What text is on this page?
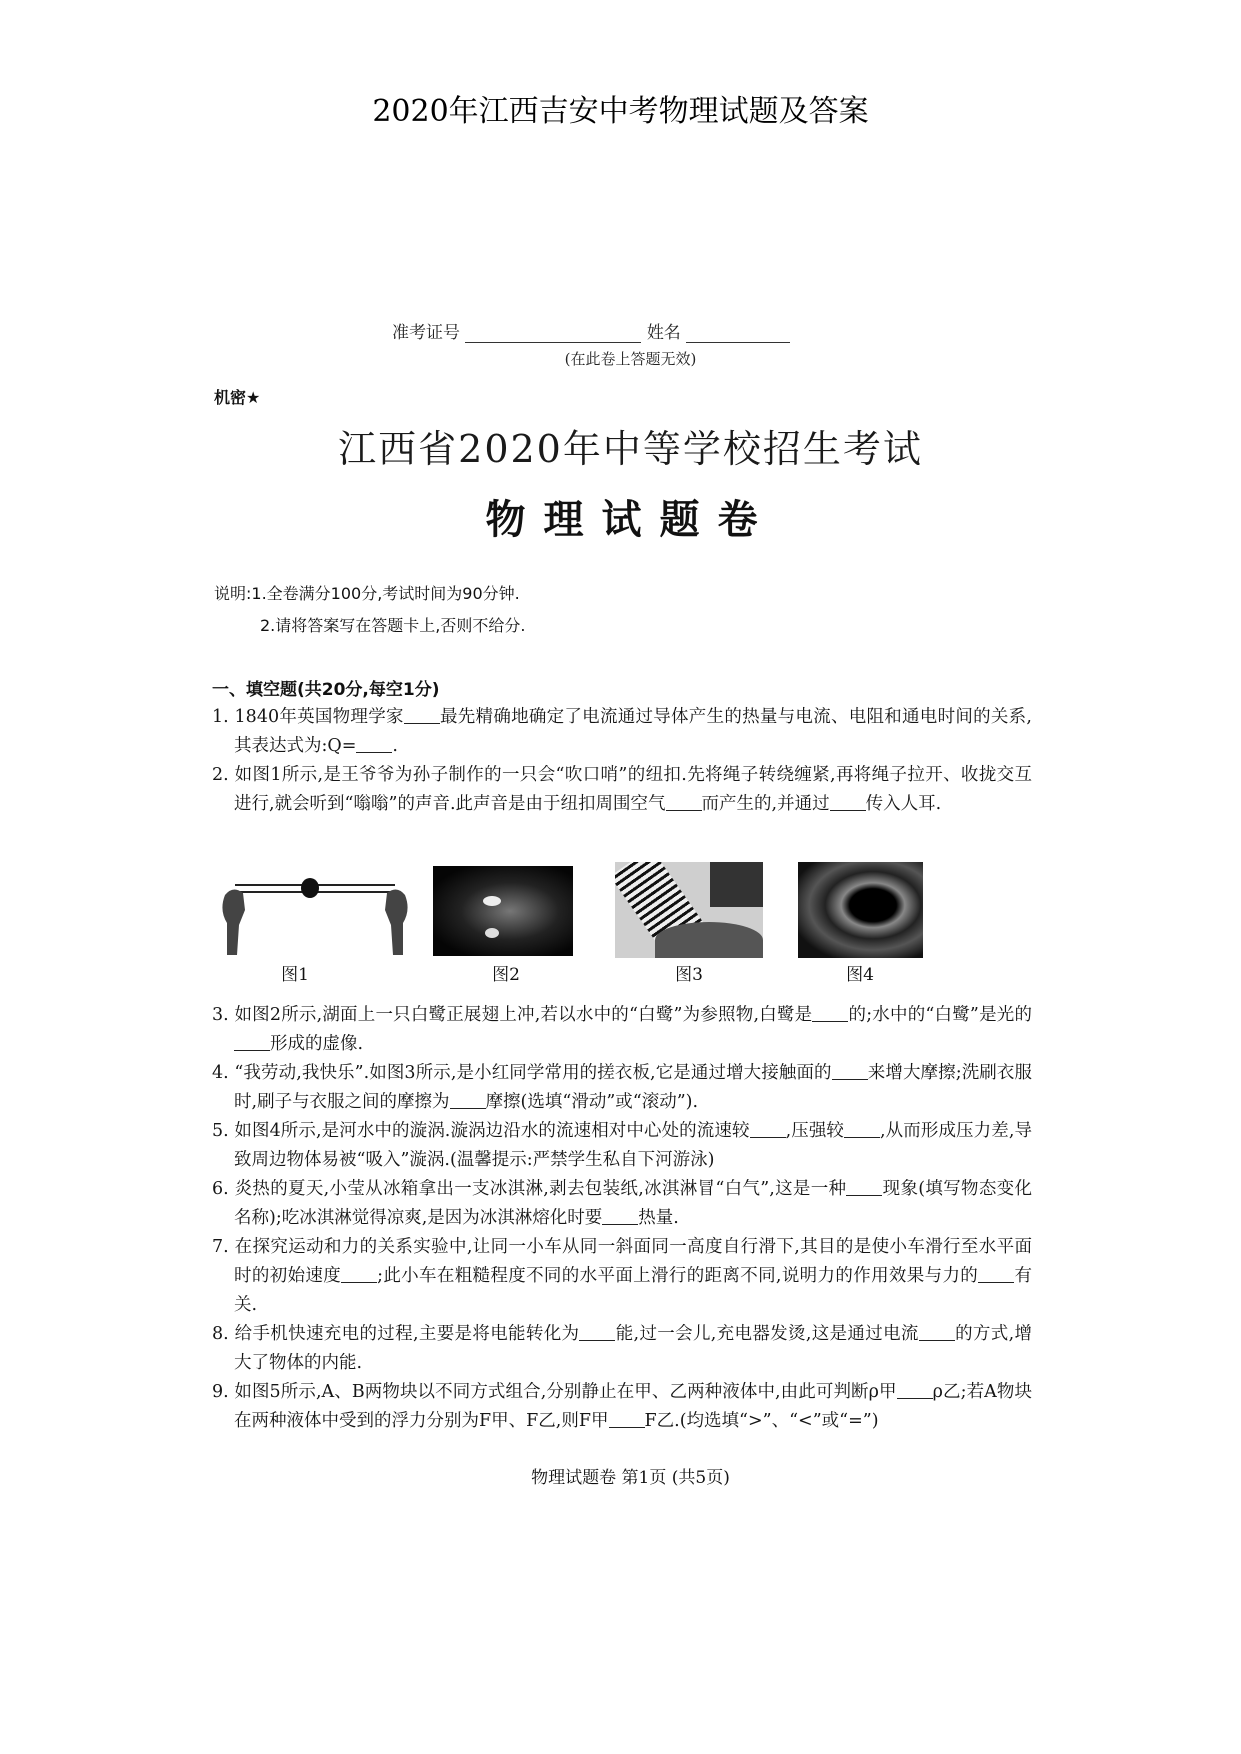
2020年江西吉安中考物理试题及答案
准考证号	姓名
(在此卷上答题无效)
机密★
江西省2020年中等学校招生考试
物理试题卷
说明:1.全卷满分100分,考试时间为90分钟.
2.请将答案写在答题卡上,否则不给分.
一、填空题(共20分,每空1分)

1. 1840年英国物理学家 最先精确地确定了电流通过导体产生的热量与电流、电阻和通电时间的关系,其表达式为:Q= .

2. 如图1所示,是王爷爷为孙子制作的一只会“吹口哨”的纽扣.先将绳子转绕缠紧,再将绳子拉开、收拢交互进行,就会听到“嗡嗡”的声音.此声音是由于纽扣周围空气 而产生的,并通过 传入人耳.

图1	图2	图3	图4

3. 如图2所示,湖面上一只白鹭正展翅上冲,若以水中的“白鹭”为参照物,白鹭是 的;水中的“白鹭”是光的形成的虚像.

4. “我劳动,我快乐”.如图3所示,是小红同学常用的搓衣板,它是通过增大接触面的 来增大摩擦;洗刷衣服时,刷子与衣服之间的摩擦为 摩擦(选填“滑动”或“滚动”).

5. 如图4所示,是河水中的漩涡.漩涡边沿水的流速相对中心处的流速较 ,压强较 ,从而形成压力差,导致周边物体易被“吸入”漩涡.(温馨提示:严禁学生私自下河游泳)

6. 炎热的夏天,小莹从冰箱拿出一支冰淇淋,剥去包装纸,冰淇淋冒“白气”,这是一种 现象(填写物态变化名称);吃冰淇淋觉得凉爽,是因为冰淇淋熔化时要 热量.

7. 在探究运动和力的关系实验中,让同一小车从同一斜面同一高度自行滑下,其目的是使小车滑行至水平面时的初始速度 ;此小车在粗糙程度不同的水平面上滑行的距离不同,说明力的作用效果与力的 有关.

8. 给手机快速充电的过程,主要是将电能转化为 能,过一会儿,充电器发烫,这是通过电流 的方式,增大了物体的内能.

9. 如图5所示,A、B两物块以不同方式组合,分别静止在甲、乙两种液体中,由此可判断ρ甲 ρ乙;若A物块在两种液体中受到的浮力分别为F甲、F乙,则F甲 F乙.(均选填“>”、“<”或“=”)

物理试题卷 第1页 (共5页)
